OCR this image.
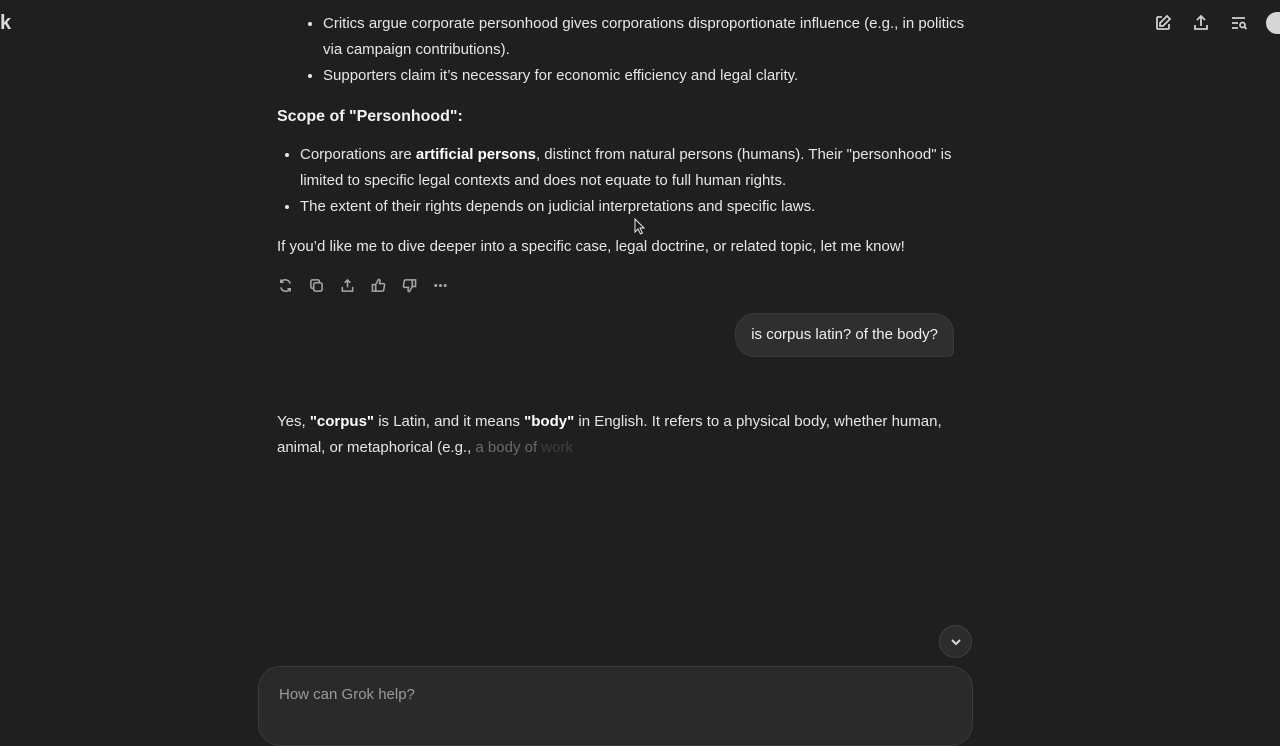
k
•	Critics argue corporate personhood gives corporations disproportionate influence (e.g., in politics via campaign contributions).
• Supporters claim it’s necessary for economic efficiency and legal clarity.
Scope of "Personhood":
• Corporations are artificial persons, distinct from natural persons (humans). Their "personhood" is limited to specific legal contexts and does not equate to full human rights.
• The extent of their rights depends on judicial interpretations and specific laws.
If you’d like me to dive deeper into a specific case, legal doctrine, or related topic, let me know!
is corpus latin? of the body?
Yes, "corpus" is Latin, and it means "body" in English. It refers to a physical body, whether human, animal, or metaphorical (e.g., a body of work
How can Grok help?
